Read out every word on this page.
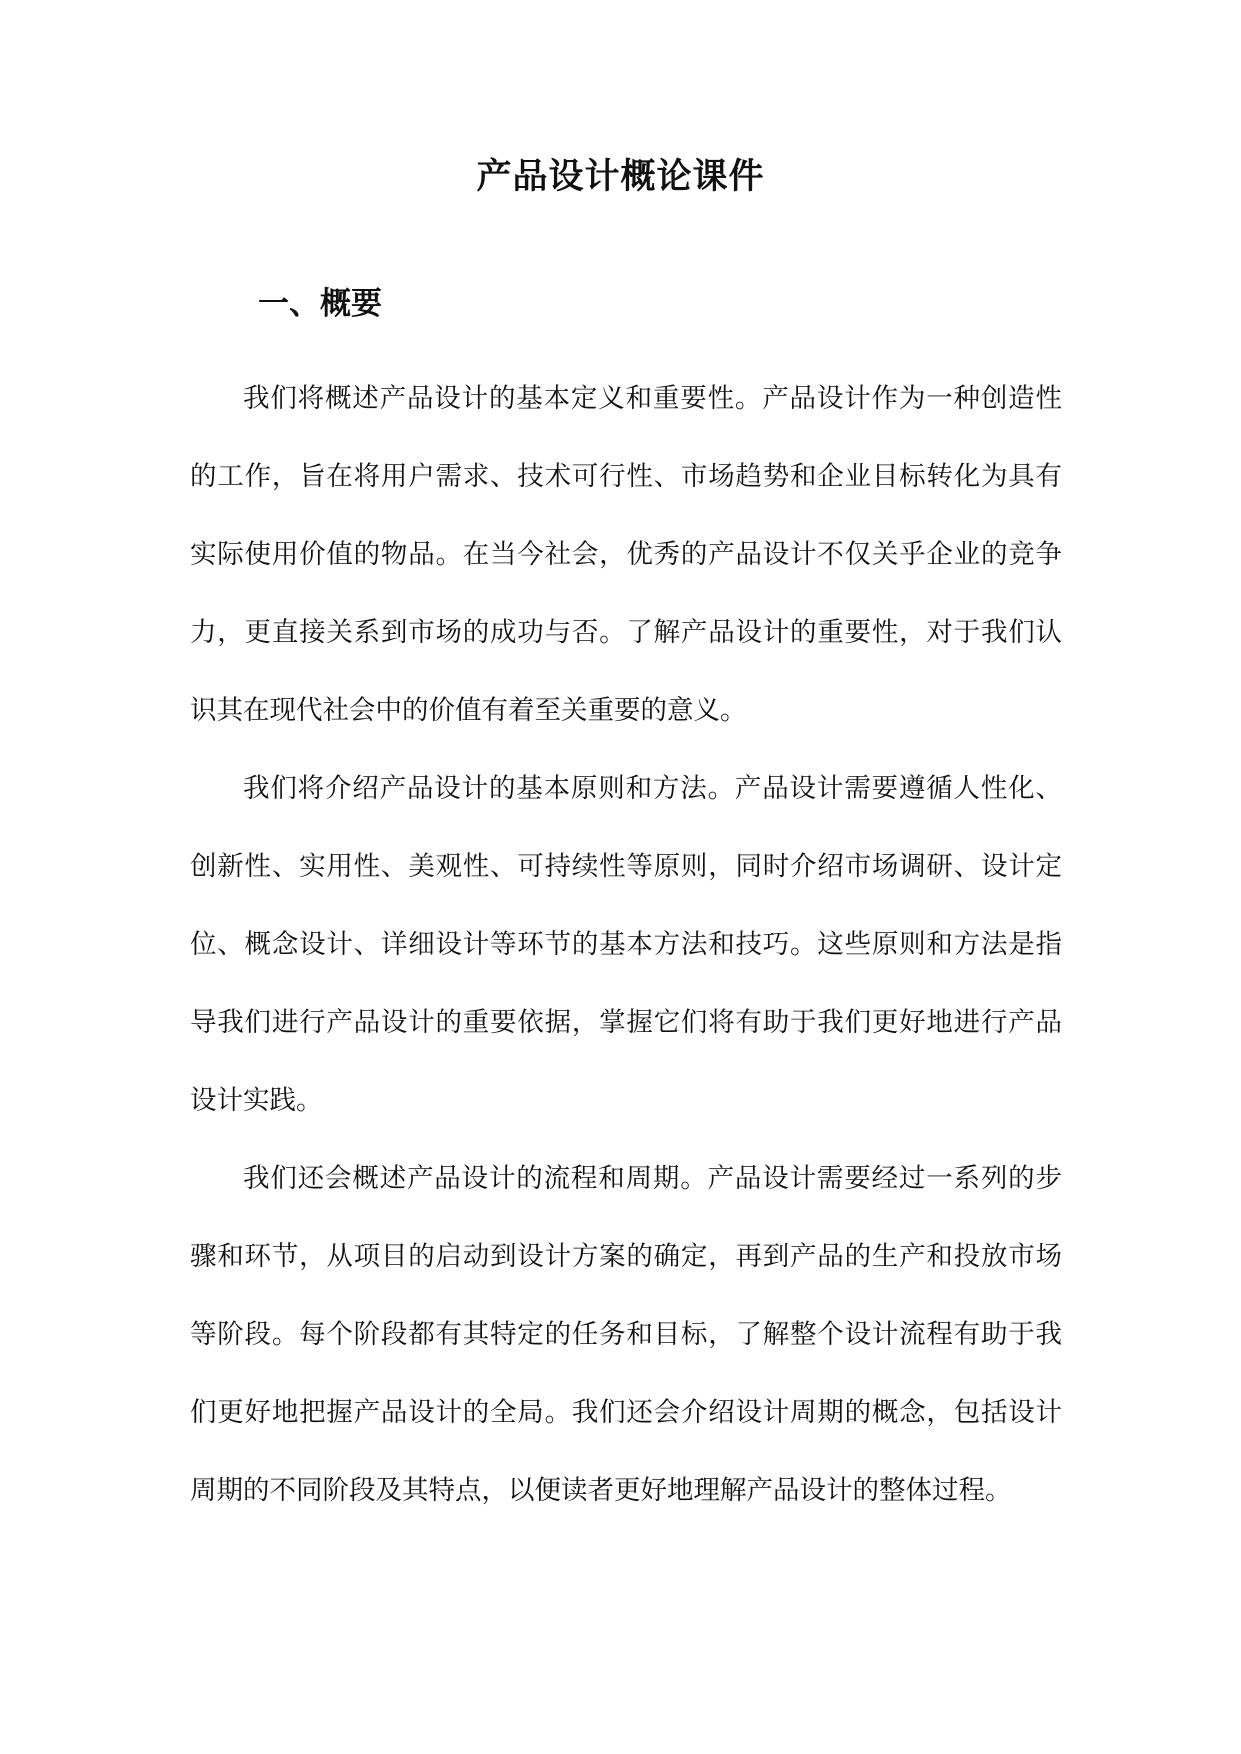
产品设计概论课件
一、概要

我们将概述产品设计的基本定义和重要性。产品设计作为一种创造性的工作，旨在将用户需求、技术可行性、市场趋势和企业目标转化为具有实际使用价值的物品。在当今社会，优秀的产品设计不仅关乎企业的竞争力，更直接关系到市场的成功与否。了解产品设计的重要性，对于我们认识其在现代社会中的价值有着至关重要的意义。

我们将介绍产品设计的基本原则和方法。产品设计需要遵循人性化、创新性、实用性、美观性、可持续性等原则，同时介绍市场调研、设计定位、概念设计、详细设计等环节的基本方法和技巧。这些原则和方法是指导我们进行产品设计的重要依据，掌握它们将有助于我们更好地进行产品设计实践。

我们还会概述产品设计的流程和周期。产品设计需要经过一系列的步骤和环节，从项目的启动到设计方案的确定，再到产品的生产和投放市场等阶段。每个阶段都有其特定的任务和目标，了解整个设计流程有助于我们更好地把握产品设计的全局。我们还会介绍设计周期的概念，包括设计周期的不同阶段及其特点，以便读者更好地理解产品设计的整体过程。
